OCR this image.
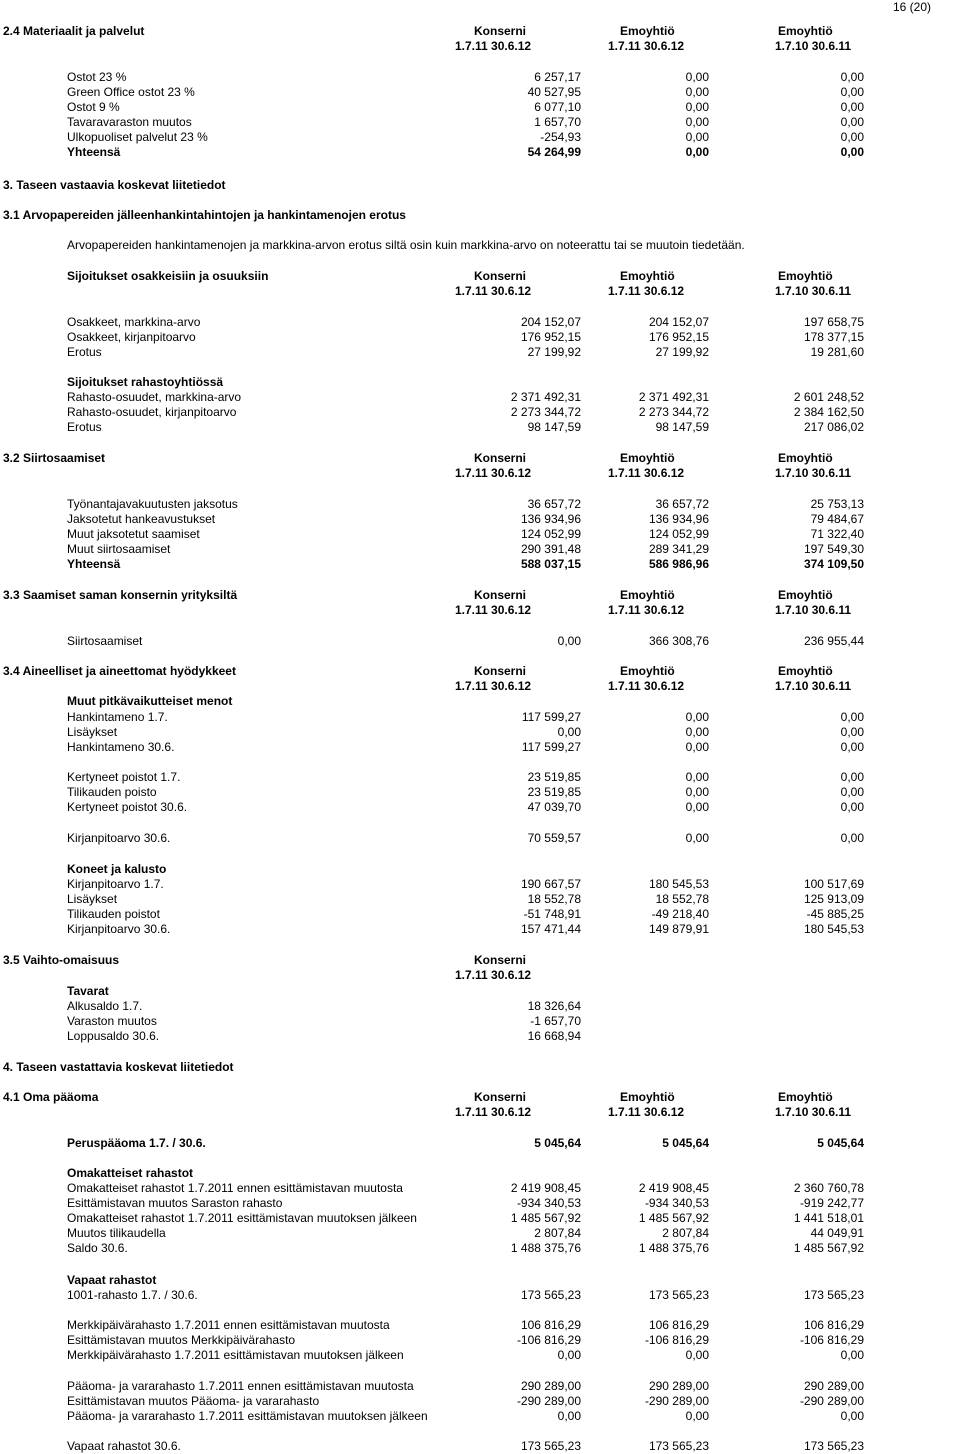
16 (20)
2.4 Materiaalit ja palvelut	Konserni	Emoyhtiö	Emoyhtiö
1.7.11 30.6.12	1.7.11 30.6.12	1.7.10 30.6.11
Ostot 23 %	6 257,17	0,00	0,00
Green Office ostot 23 %	40 527,95	0,00	0,00
Ostot 9 %	6 077,10	0,00	0,00
Tavaravaraston muutos	1 657,70	0,00	0,00
Ulkopuoliset palvelut 23 %	-254,93	0,00	0,00
Yhteensä	54 264,99	0,00	0,00
3. Taseen vastaavia koskevat liitetiedot
3.1 Arvopapereiden jälleenhankintahintojen ja hankintamenojen erotus
Arvopapereiden hankintamenojen ja markkina-arvon erotus siltä osin kuin markkina-arvo on noteerattu tai se muutoin tiedetään.
Sijoitukset osakkeisiin ja osuuksiin	Konserni	Emoyhtiö	Emoyhtiö
1.7.11 30.6.12	1.7.11 30.6.12	1.7.10 30.6.11
Osakkeet, markkina-arvo	204 152,07	204 152,07	197 658,75
Osakkeet, kirjanpitoarvo	176 952,15	176 952,15	178 377,15
Erotus	27 199,92	27 199,92	19 281,60
Sijoitukset rahastoyhtiössä
Rahasto-osuudet, markkina-arvo	2 371 492,31	2 371 492,31	2 601 248,52
Rahasto-osuudet, kirjanpitoarvo	2 273 344,72	2 273 344,72	2 384 162,50
Erotus	98 147,59	98 147,59	217 086,02
3.2 Siirtosaamiset	Konserni	Emoyhtiö	Emoyhtiö
1.7.11 30.6.12	1.7.11 30.6.12	1.7.10 30.6.11
Työnantajavakuutusten jaksotus	36 657,72	36 657,72	25 753,13
Jaksotetut hankeavustukset	136 934,96	136 934,96	79 484,67
Muut jaksotetut saamiset	124 052,99	124 052,99	71 322,40
Muut siirtosaamiset	290 391,48	289 341,29	197 549,30
Yhteensä	588 037,15	586 986,96	374 109,50
3.3 Saamiset saman konsernin yrityksiltä	Konserni	Emoyhtiö	Emoyhtiö
1.7.11 30.6.12	1.7.11 30.6.12	1.7.10 30.6.11
Siirtosaamiset	0,00	366 308,76	236 955,44
3.4 Aineelliset ja aineettomat hyödykkeet	Konserni	Emoyhtiö	Emoyhtiö
1.7.11 30.6.12	1.7.11 30.6.12	1.7.10 30.6.11
Muut pitkävaikutteiset menot
Hankintameno 1.7.	117 599,27	0,00	0,00
Lisäykset	0,00	0,00	0,00
Hankintameno 30.6.	117 599,27	0,00	0,00
Kertyneet poistot 1.7.	23 519,85	0,00	0,00
Tilikauden poisto	23 519,85	0,00	0,00
Kertyneet poistot 30.6.	47 039,70	0,00	0,00
Kirjanpitoarvo 30.6.	70 559,57	0,00	0,00
Koneet ja kalusto
Kirjanpitoarvo 1.7.	190 667,57	180 545,53	100 517,69
Lisäykset	18 552,78	18 552,78	125 913,09
Tilikauden poistot	-51 748,91	-49 218,40	-45 885,25
Kirjanpitoarvo 30.6.	157 471,44	149 879,91	180 545,53
3.5 Vaihto-omaisuus	Konserni
1.7.11 30.6.12
Tavarat
Alkusaldo 1.7.	18 326,64
Varaston muutos	-1 657,70
Loppusaldo 30.6.	16 668,94
4. Taseen vastattavia koskevat liitetiedot
4.1 Oma pääoma	Konserni	Emoyhtiö	Emoyhtiö
1.7.11 30.6.12	1.7.11 30.6.12	1.7.10 30.6.11
Peruspääoma 1.7. / 30.6.	5 045,64	5 045,64	5 045,64
Omakatteiset rahastot
Omakatteiset rahastot 1.7.2011 ennen esittämistavan muutosta	2 419 908,45	2 419 908,45	2 360 760,78
Esittämistavan muutos Saraston rahasto	-934 340,53	-934 340,53	-919 242,77
Omakatteiset rahastot 1.7.2011 esittämistavan muutoksen jälkeen	1 485 567,92	1 485 567,92	1 441 518,01
Muutos tilikaudella	2 807,84	2 807,84	44 049,91
Saldo 30.6.	1 488 375,76	1 488 375,76	1 485 567,92
Vapaat rahastot
1001-rahasto 1.7. / 30.6.	173 565,23	173 565,23	173 565,23
Merkkipäivärahasto 1.7.2011 ennen esittämistavan muutosta	106 816,29	106 816,29	106 816,29
Esittämistavan muutos Merkkipäivärahasto	-106 816,29	-106 816,29	-106 816,29
Merkkipäivärahasto 1.7.2011 esittämistavan muutoksen jälkeen	0,00	0,00	0,00
Pääoma- ja vararahasto 1.7.2011 ennen esittämistavan muutosta	290 289,00	290 289,00	290 289,00
Esittämistavan muutos Pääoma- ja vararahasto	-290 289,00	-290 289,00	-290 289,00
Pääoma- ja vararahasto 1.7.2011 esittämistavan muutoksen jälkeen	0,00	0,00	0,00
Vapaat rahastot 30.6.	173 565,23	173 565,23	173 565,23
